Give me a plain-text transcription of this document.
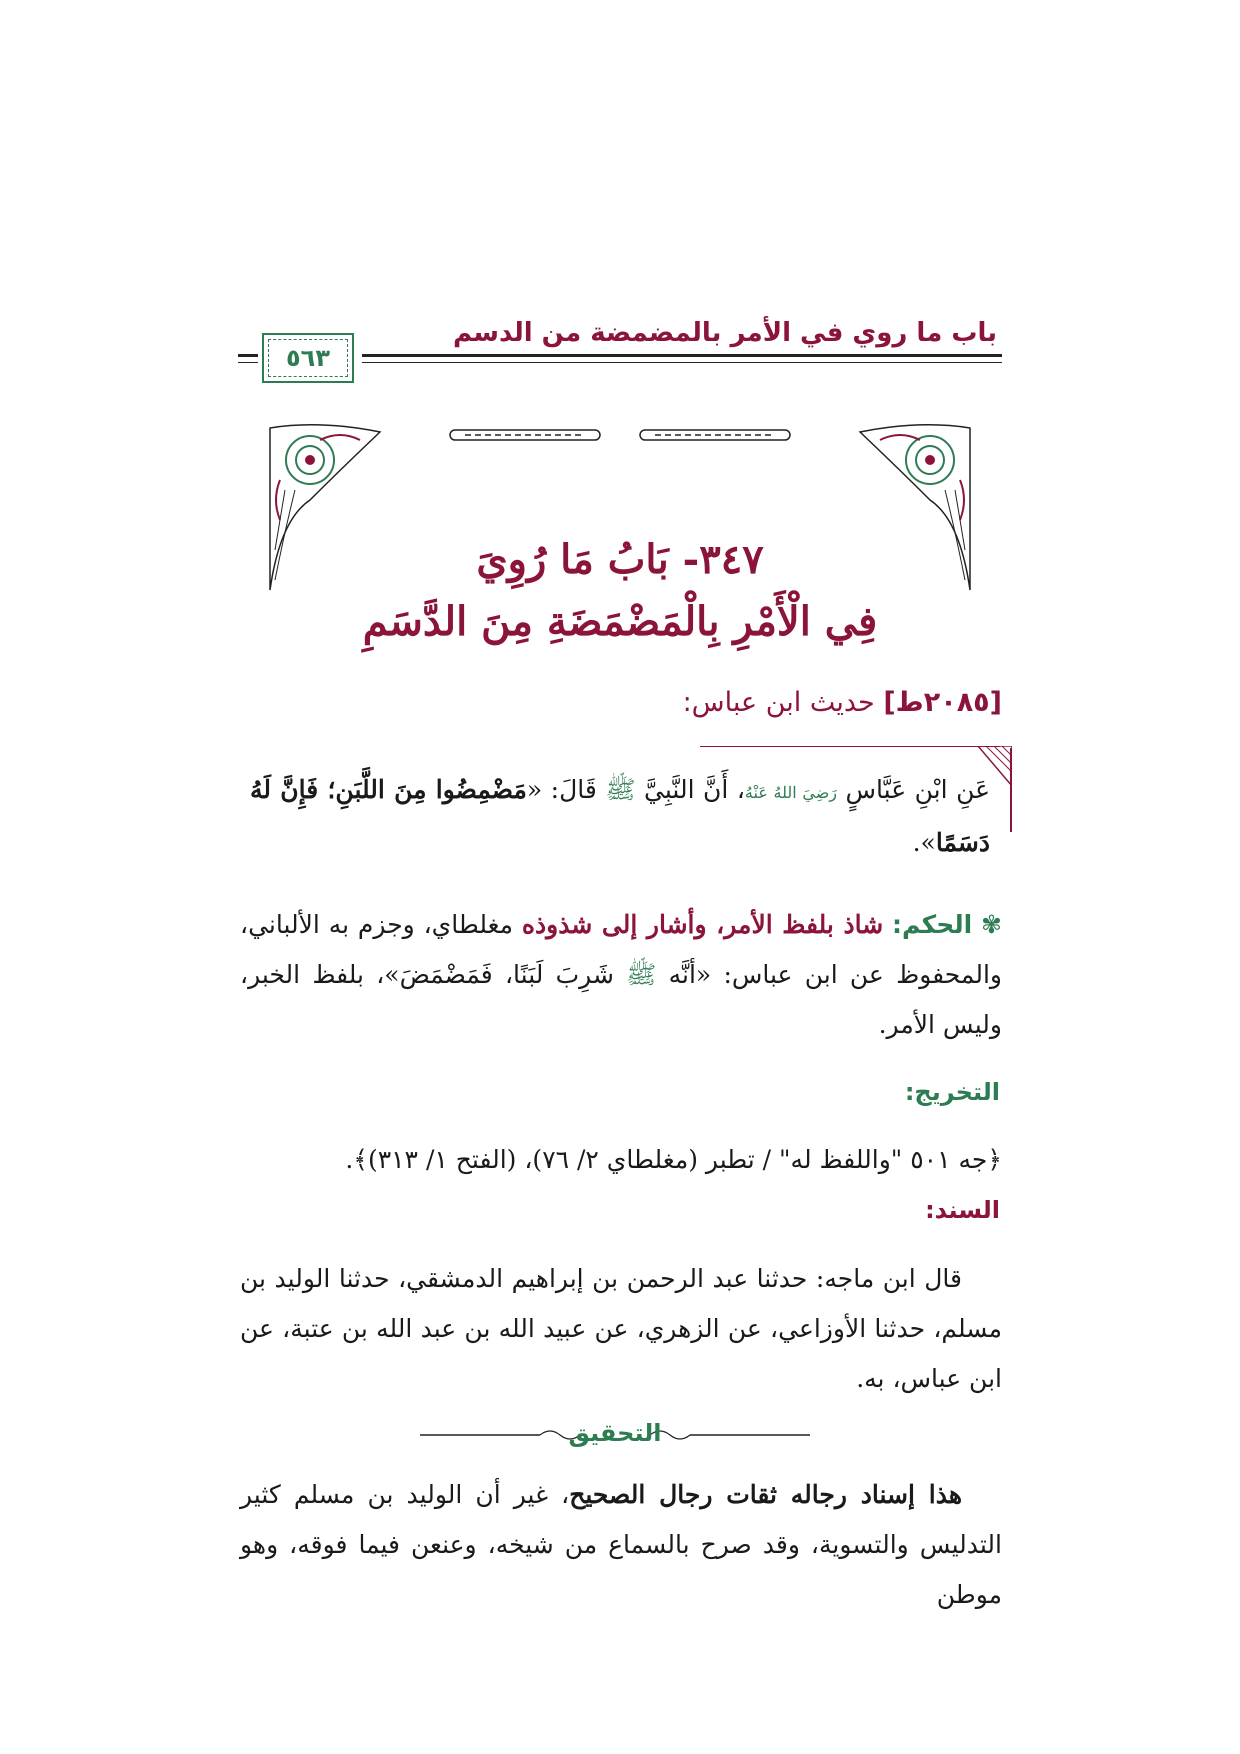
باب ما روي في الأمر بالمضمضة من الدسم
٥٦٣
٣٤٧- بَابُ مَا رُوِيَ
فِي الْأَمْرِ بِالْمَضْمَضَةِ مِنَ الدَّسَمِ
[٢٠٨٥ط] حديث ابن عباس:
عَنِ ابْنِ عَبَّاسٍ رَضِيَ اللهُ عَنْهُ، أَنَّ النَّبِيَّ ﷺ قَالَ: «مَضْمِضُوا مِنَ اللَّبَنِ؛ فَإِنَّ لَهُ دَسَمًا».
✾ الحكم: شاذ بلفظ الأمر، وأشار إلى شذوذه مغلطاي، وجزم به الألباني، والمحفوظ عن ابن عباس: «أنَّه ﷺ شَرِبَ لَبَنًا، فَمَضْمَضَ»، بلفظ الخبر، وليس الأمر.
التخريج:
﴿جه ٥٠١ "واللفظ له" / تطبر (مغلطاي ٢/ ٧٦)، (الفتح ١/ ٣١٣)﴾.
السند:
قال ابن ماجه: حدثنا عبد الرحمن بن إبراهيم الدمشقي، حدثنا الوليد بن مسلم، حدثنا الأوزاعي، عن الزهري، عن عبيد الله بن عبد الله بن عتبة، عن ابن عباس، به.
التحقيق
هذا إسناد رجاله ثقات رجال الصحيح، غير أن الوليد بن مسلم كثير التدليس والتسوية، وقد صرح بالسماع من شيخه، وعنعن فيما فوقه، وهو موطن
